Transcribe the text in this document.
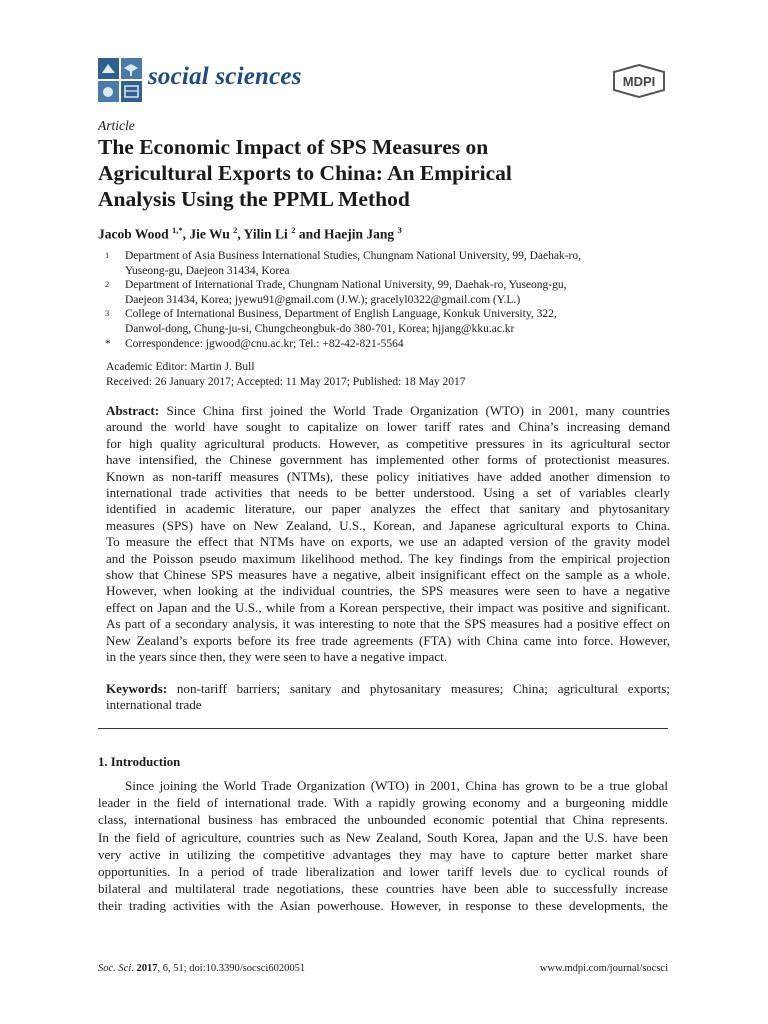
social sciences	MDPI
Article
The Economic Impact of SPS Measures on
Agricultural Exports to China: An Empirical
Analysis Using the PPML Method
Jacob Wood $^{1,*}$, Jie Wu $^2$, Yilin Li $^2$ and Haejin Jang $^3$
1 Department of Asia Business International Studies, Chungnam National University, 99, Daehak-ro,
Yuseong-gu, Daejeon 31434, Korea
2 Department of International Trade, Chungnam National University, 99, Daehak-ro, Yuseong-gu,
Daejeon 31434, Korea; jyewu91@gmail.com (J.W.); gracelyl0322@gmail.com (Y.L.)
3 College of International Business, Department of English Language, Konkuk University, 322,
Danwol-dong, Chung-ju-si, Chungcheongbuk-do 380-701, Korea; hjjang@kku.ac.kr
* Correspondence: jgwood@cnu.ac.kr; Tel.: +82-42-821-5564
Academic Editor: Martin J. Bull
Received: 26 January 2017; Accepted: 11 May 2017; Published: 18 May 2017
Abstract: Since China first joined the World Trade Organization (WTO) in 2001, many countries
around the world have sought to capitalize on lower tariff rates and China’s increasing demand
for high quality agricultural products. However, as competitive pressures in its agricultural sector
have intensified, the Chinese government has implemented other forms of protectionist measures.
Known as non-tariff measures (NTMs), these policy initiatives have added another dimension to
international trade activities that needs to be better understood. Using a set of variables clearly
identified in academic literature, our paper analyzes the effect that sanitary and phytosanitary
measures (SPS) have on New Zealand, U.S., Korean, and Japanese agricultural exports to China.
To measure the effect that NTMs have on exports, we use an adapted version of the gravity model
and the Poisson pseudo maximum likelihood method. The key findings from the empirical projection
show that Chinese SPS measures have a negative, albeit insignificant effect on the sample as a whole.
However, when looking at the individual countries, the SPS measures were seen to have a negative
effect on Japan and the U.S., while from a Korean perspective, their impact was positive and significant.
As part of a secondary analysis, it was interesting to note that the SPS measures had a positive effect on
New Zealand’s exports before its free trade agreements (FTA) with China came into force. However,
in the years since then, they were seen to have a negative impact.
Keywords: non-tariff barriers; sanitary and phytosanitary measures; China; agricultural exports;
international trade
1. Introduction
Since joining the World Trade Organization (WTO) in 2001, China has grown to be a true global
leader in the field of international trade. With a rapidly growing economy and a burgeoning middle
class, international business has embraced the unbounded economic potential that China represents.
In the field of agriculture, countries such as New Zealand, South Korea, Japan and the U.S. have been
very active in utilizing the competitive advantages they may have to capture better market share
opportunities. In a period of trade liberalization and lower tariff levels due to cyclical rounds of
bilateral and multilateral trade negotiations, these countries have been able to successfully increase
their trading activities with the Asian powerhouse. However, in response to these developments, the
Soc. Sci. 2017, 6, 51; doi:10.3390/socsci6020051	www.mdpi.com/journal/socsci
